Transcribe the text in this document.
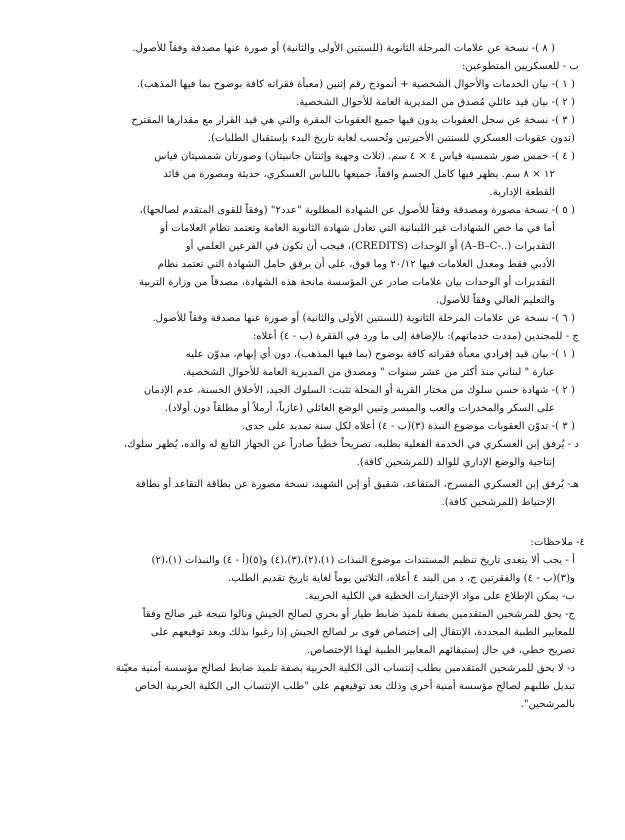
( ٨ )- نسخة عن علامات المرحلة الثانوية (للسنتين الأولى والثانية) أو صورة عنها مصدقة وفقاً للأصول.
ب - للعسكريين المتطوعين:
( ١ )- بيان الخدمات والأحوال الشخصية + أنموذج رقم إثنين (معبأة فقراته كافة بوضوح بما فيها المذهب).
( ٢ )- بيان قيد عائلي مُصدق من المديرية العامة للأحوال الشخصية.
( ٣ )- نسخة عن سجل العقوبات يدون فيها جميع العقوبات المقرة والتي هي قيد القرار مع مقدارها المقترح
(تدون عقوبات العسكري للسنتين الأخيرتين وتُحسب لغاية تاريخ البدء بإستقبال الطلبات).
( ٤ )- خمس صور شمسية قياس ٤ × ٤ سم. (ثلاث وجهية وإثنتان جانبيتان) وصورتان شمسيتان قياس
١٢ × ٨ سم. يظهر فيها كامل الجسم واقفاً، جميعها باللباس العسكري، حديثة ومصورة من قائد
القطعة الإدارية.
( ٥ )- نسخة مصورة ومصدقة وفقاً للأصول عن الشهادة المطلوبة "عدد٢" (وفقاً للقوى المتقدم لصالحها)،
أما في ما خص الشهادات غير اللبنانية التي تعادل شهادة الثانوية العامة وتعتمد نظام العلامات أو
التقديرات (..-A–B–C) أو الوحدات (CREDITS)، فيجب أن تكون في الفرعين العلمي أو
الأدبي فقط ومعدل العلامات فيها ٢٠/١٢ وما فوق، على أن يرفق حامل الشهادة التي تعتمد نظام
التقديرات أو الوحدات بيان علامات صادر عن المؤسسة مانحة هذه الشهادة، مصدقاً من وزارة التربية
والتعليم العالي وفقاً للأصول.
( ٦ )- نسخة عن علامات المرحلة الثانوية (للسنتين الأولى والثانية) أو صورة عنها مصدقة وفقاً للأصول.
ج - للمجندين (مددت خدماتهم): بالإضافة إلى ما ورد في الفقرة (ب - ٤) أعلاه:
( ١ )- بيان قيد إفرادي معبأة فقراته كافة بوضوح (بما فيها المذهب)، دون أي إبهام، مدوّن عليه
عبارة " لبناني منذ أكثر من عشر سنوات " ومصدق من المديرية العامة للأحوال الشخصية.
( ٢ )- شهادة حسن سلوك من مختار القرية أو المحلة تثبت: السلوك الجيد، الأخلاق الحسنة، عدم الإدمان
على السكر والمخدرات والعب والميسر وتبين الوضع العائلي (عازباً، أرملاً أو مطلقاً دون أولاد).
( ٣ )- تدوّن العقوبات موضوع النبذة (٣)(ب - ٤) أعلاه لكل سنة تمديد على حدى.
د - يُرفق إبن العسكري في الخدمة الفعلية بطلبه، تصريحاً خطياً صادراً عن الجهاز التابع له والده، يُظهر سلوك،
إنتاجية والوضع الإداري للوالد (للمرشحين كافة).
هـ- يُرفق إبن العسكري المسرح، المتقاعد، شقيق أو إبن الشهيد، نسخة مصورة عن بطاقة التقاعد أو بطاقة
الإحتياط (للمرشحين كافة).
٤- ملاحظات:
أ - يجب ألا يتعدى تاريخ تنظيم المستندات موضوع النبذات (١)،(٢)،(٣)،(٤) و(٥)(أ - ٤) والنبذات (١)،(٢)
و(٣)(ب - ٤) والفقرتين ج، د من البند ٤ أعلاه، الثلاثين يوماً لغاية تاريخ تقديم الطلب.
ب- يمكن الإطلاع على مواد الإختبارات الخطية في الكلية الحربية.
ج- يحق للمرشحين المتقدمين بصفة تلميذ ضابط طيار أو بحري لصالح الجيش ونالوا نتيجة غير صالح وفقاً
للمعايير الطبية المحددة، الإنتقال إلى إختصاص قوى بر لصالح الجيش إذا رغبوا بذلك وبعد توقيعهم على
تصريح خطي، في حال إستيفائهم المعايير الطبية لهذا الإختصاص.
د- لا يحق للمرشحين المتقدمين بطلب إنتساب الى الكلية الحربية بصفة تلميذ ضابط لصالح مؤسسة أمنية معيّنة
تبديل طلبهم لصالح مؤسسة أمنية أخرى وذلك بعد توقيعهم على "طلب الإنتساب الى الكلية الحربية الخاص
بالمرشحين".
